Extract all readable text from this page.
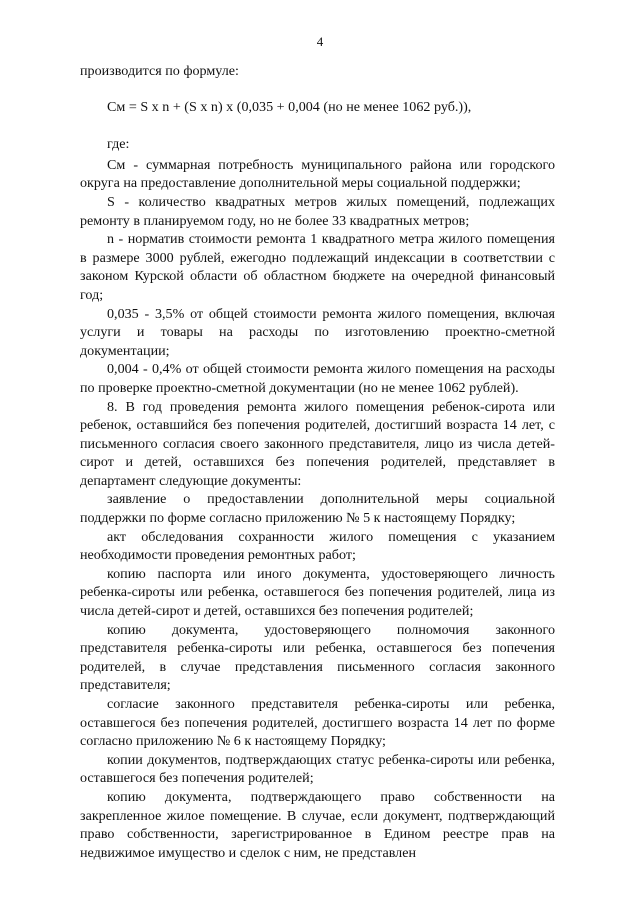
4

производится по формуле:

См = S x n + (S x n) x (0,035 + 0,004 (но не менее 1062 руб.)),

где:

См - суммарная потребность муниципального района или городского округа на предоставление дополнительной меры социальной поддержки;

S - количество квадратных метров жилых помещений, подлежащих ремонту в планируемом году, но не более 33 квадратных метров;

n - норматив стоимости ремонта 1 квадратного метра жилого помещения в размере 3000 рублей, ежегодно подлежащий индексации в соответствии с законом Курской области об областном бюджете на очередной финансовый год;

0,035 - 3,5% от общей стоимости ремонта жилого помещения, включая услуги и товары на расходы по изготовлению проектно-сметной документации;

0,004 - 0,4% от общей стоимости ремонта жилого помещения на расходы по проверке проектно-сметной документации (но не менее 1062 рублей).

8. В год проведения ремонта жилого помещения ребенок-сирота или ребенок, оставшийся без попечения родителей, достигший возраста 14 лет, с письменного согласия своего законного представителя, лицо из числа детей-сирот и детей, оставшихся без попечения родителей, представляет в департамент следующие документы:

заявление о предоставлении дополнительной меры социальной поддержки по форме согласно приложению № 5 к настоящему Порядку;

акт обследования сохранности жилого помещения с указанием необходимости проведения ремонтных работ;

копию паспорта или иного документа, удостоверяющего личность ребенка-сироты или ребенка, оставшегося без попечения родителей, лица из числа детей-сирот и детей, оставшихся без попечения родителей;

копию документа, удостоверяющего полномочия законного представителя ребенка-сироты или ребенка, оставшегося без попечения родителей, в случае представления письменного согласия законного представителя;

согласие законного представителя ребенка-сироты или ребенка, оставшегося без попечения родителей, достигшего возраста 14 лет по форме согласно приложению № 6 к настоящему Порядку;

копии документов, подтверждающих статус ребенка-сироты или ребенка, оставшегося без попечения родителей;

копию документа, подтверждающего право собственности на закрепленное жилое помещение. В случае, если документ, подтверждающий право собственности, зарегистрированное в Едином реестре прав на недвижимое имущество и сделок с ним, не представлен
